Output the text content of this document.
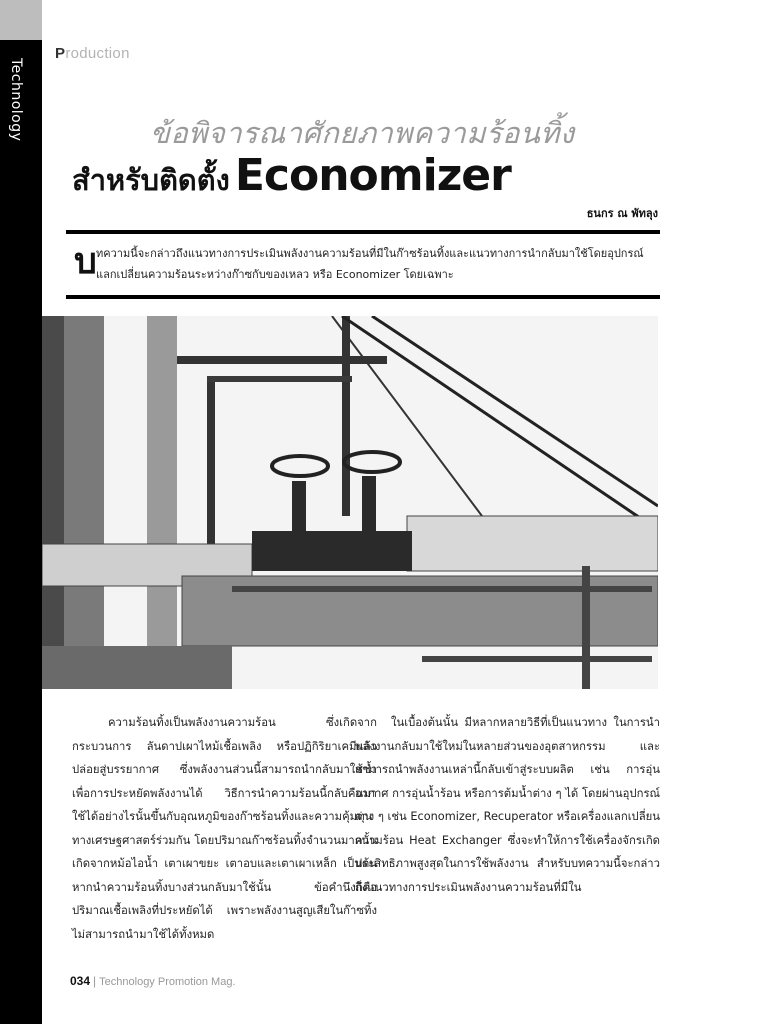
Technology
Production
ข้อพิจารณาศักยภาพความร้อนทิ้ง
สำหรับติดตั้ง Economizer
ธนกร ณ พัทลุง
บ ทความนี้จะกล่าวถึงแนวทางการประเมินพลังงานความร้อนที่มีในก๊าซร้อนทิ้งและแนวทางการนำกลับมาใช้โดยอุปกรณ์แลกเปลี่ยนความร้อนระหว่างก๊าซกับของเหลว หรือ Economizer โดยเฉพาะ

ความร้อนทิ้งเป็นพลังงานความร้อน ซึ่งเกิดจากกระบวนการ ลันดาปเผาไหม้เชื้อเพลิง หรือปฏิกิริยาเคมีแล้วปล่อยสู่บรรยากาศ ซึ่งพลังงานส่วนนี้สามารถนำกลับมาใช้ซ้ำเพื่อการประหยัดพลังงานได้ วิธีการนำความร้อนนี้กลับคืนมาใช้ได้อย่างไรนั้นขึ้นกับอุณหภูมิของก๊าซร้อนทิ้งและความคุ้มทุนทางเศรษฐศาสตร์ร่วมกัน โดยปริมาณก๊าซร้อนทิ้งจำนวนมากนั้นเกิดจากหม้อไอน้ำ เตาเผาขยะ เตาอบและเตาเผาเหล็ก เป็นต้น หากนำความร้อนทิ้งบางส่วนกลับมาใช้นั้น ข้อคำนึงก็คือ ปริมาณเชื้อเพลิงที่ประหยัดได้ เพราะพลังงานสูญเสียในก๊าซทิ้งไม่สามารถนำมาใช้ได้ทั้งหมด

ในเบื้องต้นนั้น มีหลากหลายวิธีที่เป็นแนวทาง ในการนำพลังงานกลับมาใช้ใหม่ในหลายส่วนของอุตสาหกรรม และสามารถนำพลังงานเหล่านี้กลับเข้าสู่ระบบผลิต เช่น การอุ่นอากาศ การอุ่นน้ำร้อน หรือการต้มน้ำต่าง ๆ ได้ โดยผ่านอุปกรณ์ต่าง ๆ เช่น Economizer, Recuperator หรือเครื่องแลกเปลี่ยนความร้อน Heat Exchanger ซึ่งจะทำให้การใช้เครื่องจักรเกิดประสิทธิภาพสูงสุดในการใช้พลังงาน สำหรับบทความนี้จะกล่าวถึงแนวทางการประเมินพลังงานความร้อนที่มีใน

034 | Technology Promotion Mag.
